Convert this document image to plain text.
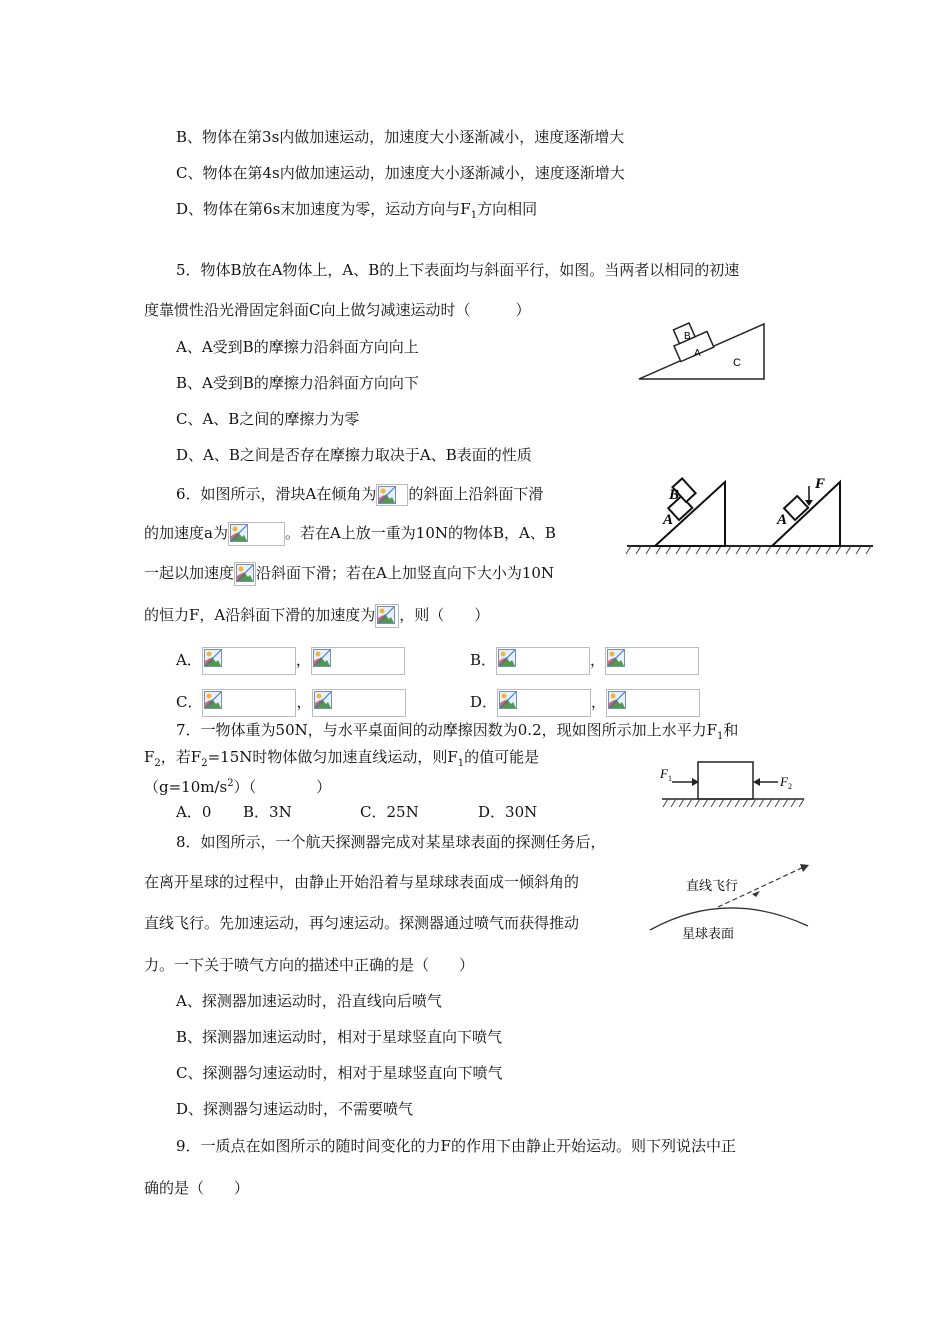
B、物体在第3s内做加速运动，加速度大小逐渐减小，速度逐渐增大
C、物体在第4s内做加速运动，加速度大小逐渐减小，速度逐渐增大
D、物体在第6s末加速度为零，运动方向与$F_1$方向相同
5．物体B放在A物体上，A、B的上下表面均与斜面平行，如图。当两者以相同的初速
度靠惯性沿光滑固定斜面C向上做匀减速运动时（　　　）
A、A受到B的摩擦力沿斜面方向向上
B、A受到B的摩擦力沿斜面方向向下
C、A、B之间的摩擦力为零
D、A、B之间是否存在摩擦力取决于A、B表面的性质
B
A
C
6．如图所示，滑块A在倾角为 的斜面上沿斜面下滑
的加速度a为	。若在A上放一重为10N的物体B，A、B
一起以加速度 沿斜面下滑；若在A上加竖直向下大小为10N
的恒力F，A沿斜面下滑的加速度为 ，则（　　）
A．	，	B．	，
C．	，	D．	，
A
B
A
F
7．一物体重为50N，与水平桌面间的动摩擦因数为0.2，现如图所示加上水平力$F_1$和
$F_2$，若$F_2=15N$时物体做匀加速直线运动，则$F_1$的值可能是
$(g=10m/s^2)$（　　　　）
A．0 B．3N	C．25N	D．30N
F 1	F 2
8．如图所示，一个航天探测器完成对某星球表面的探测任务后，
在离开星球的过程中，由静止开始沿着与星球球表面成一倾斜角的
直线飞行。先加速运动，再匀速运动。探测器通过喷气而获得推动
力。一下关于喷气方向的描述中正确的是（　　）
A、探测器加速运动时，沿直线向后喷气
B、探测器加速运动时，相对于星球竖直向下喷气
C、探测器匀速运动时，相对于星球竖直向下喷气
D、探测器匀速运动时，不需要喷气
直线飞行
星球表面
9．一质点在如图所示的随时间变化的力F的作用下由静止开始运动。则下列说法中正
确的是（　　）
